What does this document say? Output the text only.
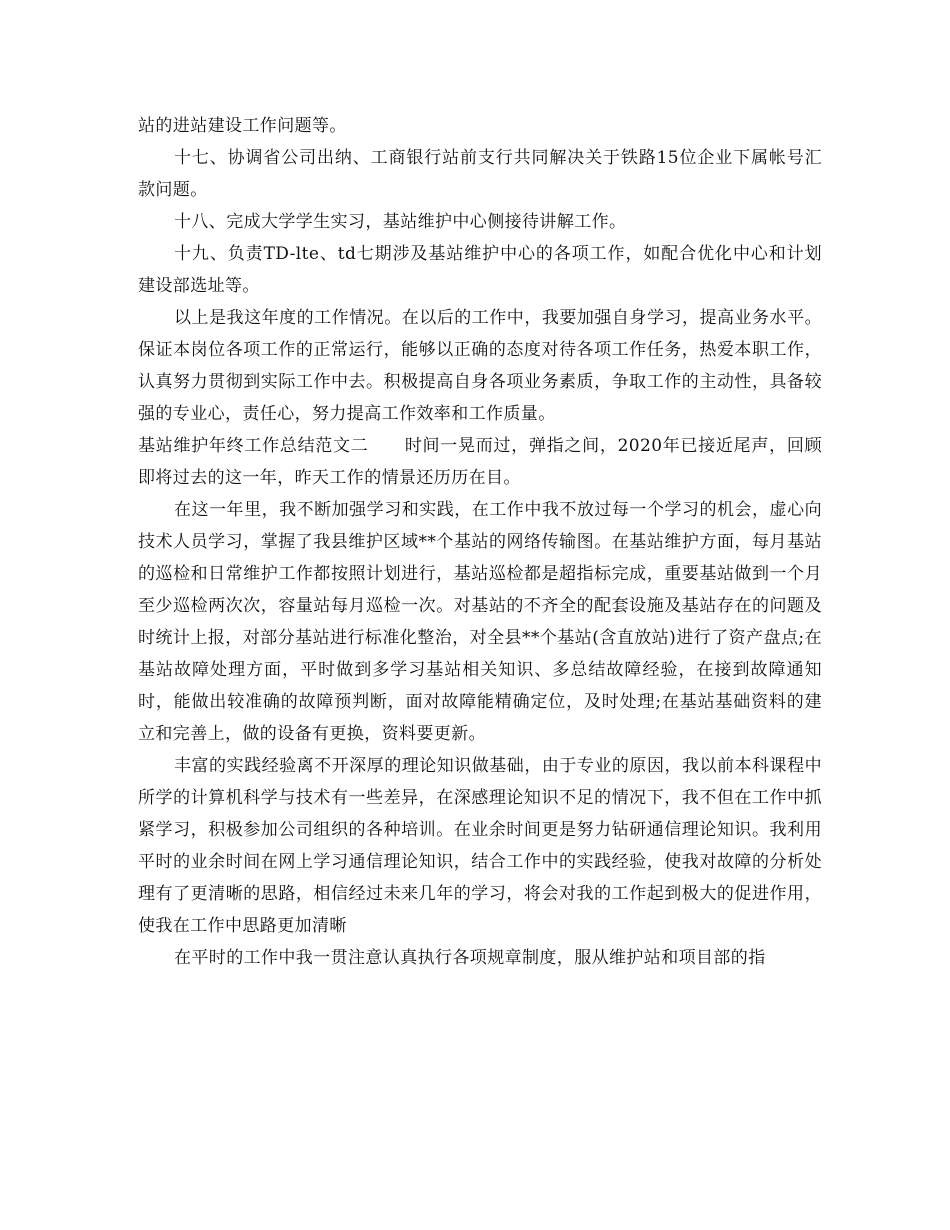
站的进站建设工作问题等。

十七、协调省公司出纳、工商银行站前支行共同解决关于铁路15位企业下属帐号汇款问题。

十八、完成大学学生实习，基站维护中心侧接待讲解工作。

十九、负责TD-lte、td七期涉及基站维护中心的各项工作，如配合优化中心和计划建设部选址等。

以上是我这年度的工作情况。在以后的工作中，我要加强自身学习，提高业务水平。保证本岗位各项工作的正常运行，能够以正确的态度对待各项工作任务，热爱本职工作，认真努力贯彻到实际工作中去。积极提高自身各项业务素质，争取工作的主动性，具备较强的专业心，责任心，努力提高工作效率和工作质量。

基站维护年终工作总结范文二 时间一晃而过，弹指之间，2020年已接近尾声，回顾即将过去的这一年，昨天工作的情景还历历在目。

在这一年里，我不断加强学习和实践，在工作中我不放过每一个学习的机会，虚心向技术人员学习，掌握了我县维护区域**个基站的网络传输图。在基站维护方面，每月基站的巡检和日常维护工作都按照计划进行，基站巡检都是超指标完成，重要基站做到一个月至少巡检两次次，容量站每月巡检一次。对基站的不齐全的配套设施及基站存在的问题及时统计上报，对部分基站进行标准化整治，对全县**个基站(含直放站)进行了资产盘点;在基站故障处理方面，平时做到多学习基站相关知识、多总结故障经验，在接到故障通知时，能做出较准确的故障预判断，面对故障能精确定位，及时处理;在基站基础资料的建立和完善上，做的设备有更换，资料要更新。

丰富的实践经验离不开深厚的理论知识做基础，由于专业的原因，我以前本科课程中所学的计算机科学与技术有一些差异，在深感理论知识不足的情况下，我不但在工作中抓紧学习，积极参加公司组织的各种培训。在业余时间更是努力钻研通信理论知识。我利用平时的业余时间在网上学习通信理论知识，结合工作中的实践经验，使我对故障的分析处理有了更清晰的思路，相信经过未来几年的学习，将会对我的工作起到极大的促进作用，使我在工作中思路更加清晰

在平时的工作中我一贯注意认真执行各项规章制度，服从维护站和项目部的指
